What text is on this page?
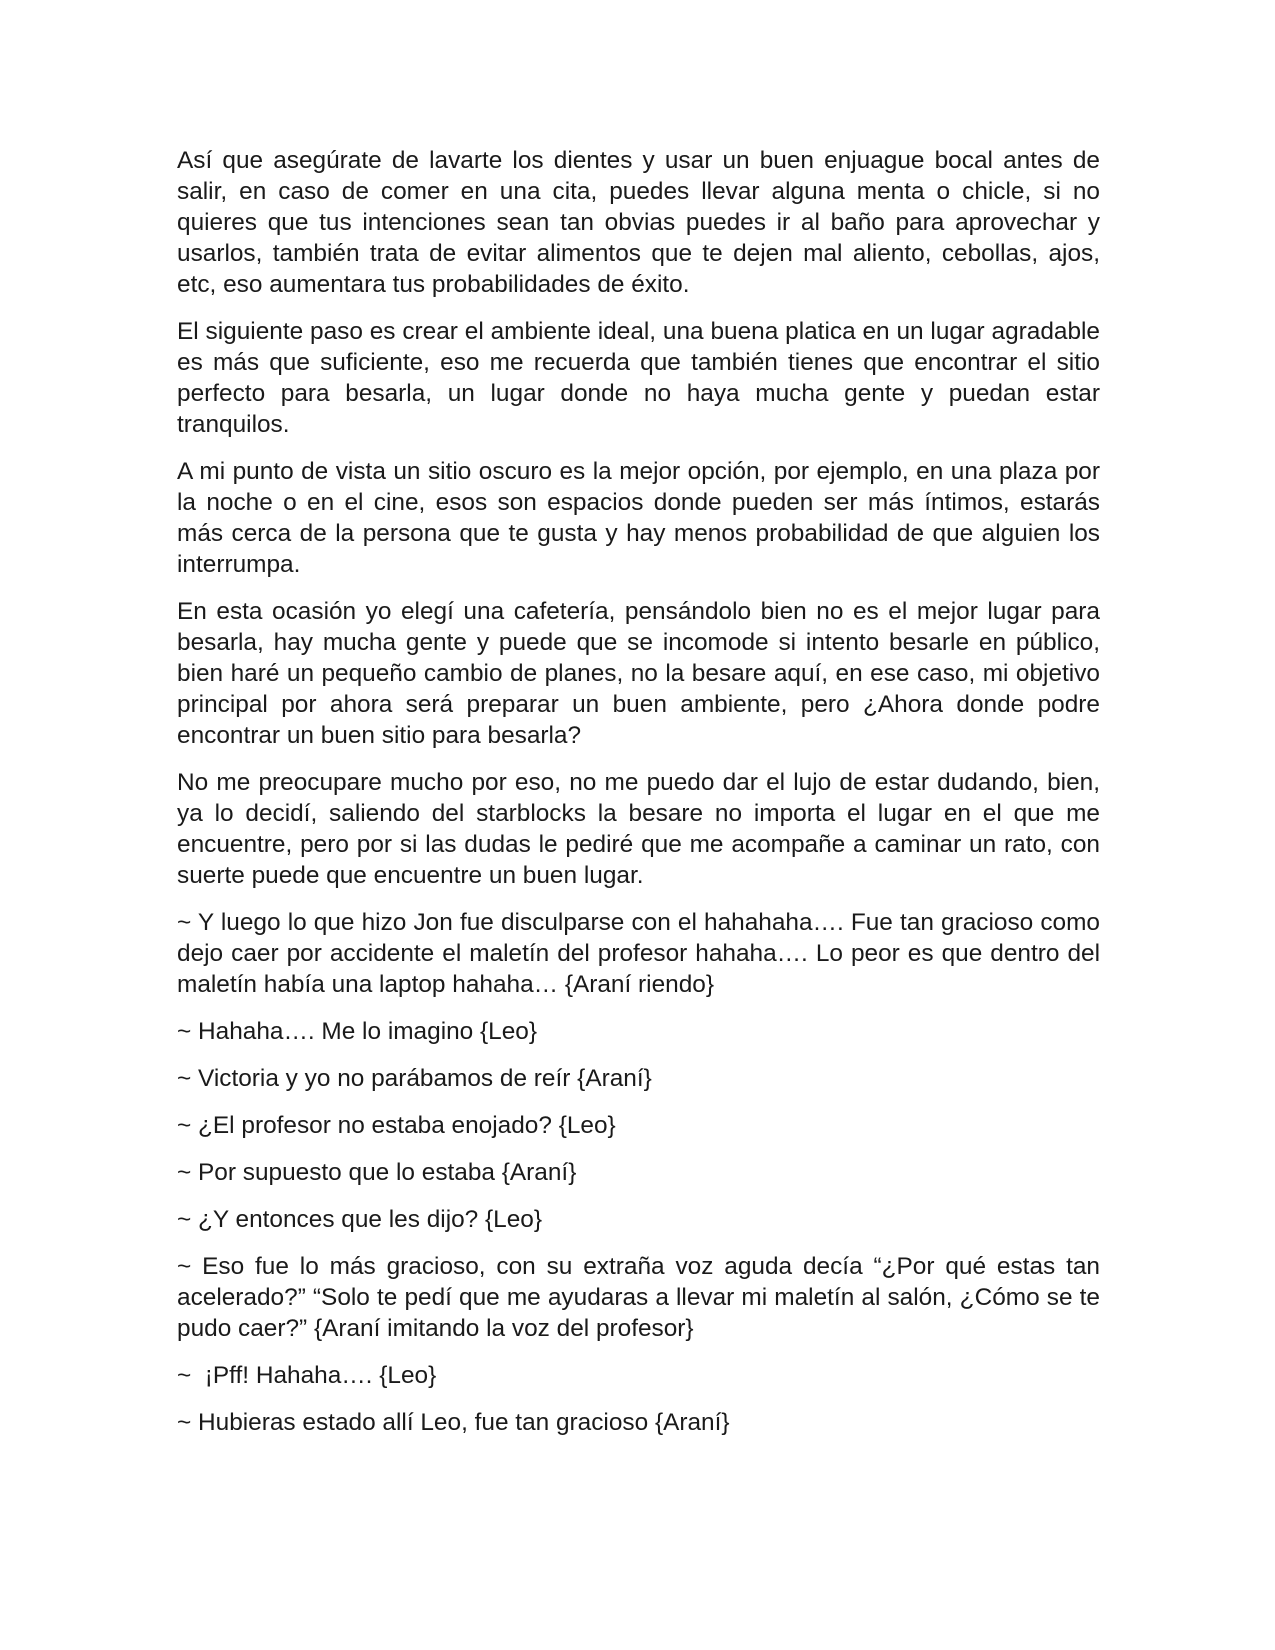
Así que asegúrate de lavarte los dientes y usar un buen enjuague bocal antes de salir, en caso de comer en una cita, puedes llevar alguna menta o chicle, si no quieres que tus intenciones sean tan obvias puedes ir al baño para aprovechar y usarlos, también trata de evitar alimentos que te dejen mal aliento, cebollas, ajos, etc, eso aumentara tus probabilidades de éxito.

El siguiente paso es crear el ambiente ideal, una buena platica en un lugar agradable es más que suficiente, eso me recuerda que también tienes que encontrar el sitio perfecto para besarla, un lugar donde no haya mucha gente y puedan estar tranquilos.

A mi punto de vista un sitio oscuro es la mejor opción, por ejemplo, en una plaza por la noche o en el cine, esos son espacios donde pueden ser más íntimos, estarás más cerca de la persona que te gusta y hay menos probabilidad de que alguien los interrumpa.

En esta ocasión yo elegí una cafetería, pensándolo bien no es el mejor lugar para besarla, hay mucha gente y puede que se incomode si intento besarle en público, bien haré un pequeño cambio de planes, no la besare aquí, en ese caso, mi objetivo principal por ahora será preparar un buen ambiente, pero ¿Ahora donde podre encontrar un buen sitio para besarla?

No me preocupare mucho por eso, no me puedo dar el lujo de estar dudando, bien, ya lo decidí, saliendo del starblocks la besare no importa el lugar en el que me encuentre, pero por si las dudas le pediré que me acompañe a caminar un rato, con suerte puede que encuentre un buen lugar.

~ Y luego lo que hizo Jon fue disculparse con el hahahaha…. Fue tan gracioso como dejo caer por accidente el maletín del profesor hahaha…. Lo peor es que dentro del maletín había una laptop hahaha… {Araní riendo}

~ Hahaha…. Me lo imagino {Leo}

~ Victoria y yo no parábamos de reír {Araní}

~ ¿El profesor no estaba enojado? {Leo}

~ Por supuesto que lo estaba {Araní}

~ ¿Y entonces que les dijo? {Leo}

~ Eso fue lo más gracioso, con su extraña voz aguda decía “¿Por qué estas tan acelerado?” “Solo te pedí que me ayudaras a llevar mi maletín al salón, ¿Cómo se te pudo caer?” {Araní imitando la voz del profesor}

~  ¡Pff! Hahaha…. {Leo}

~ Hubieras estado allí Leo, fue tan gracioso {Araní}
